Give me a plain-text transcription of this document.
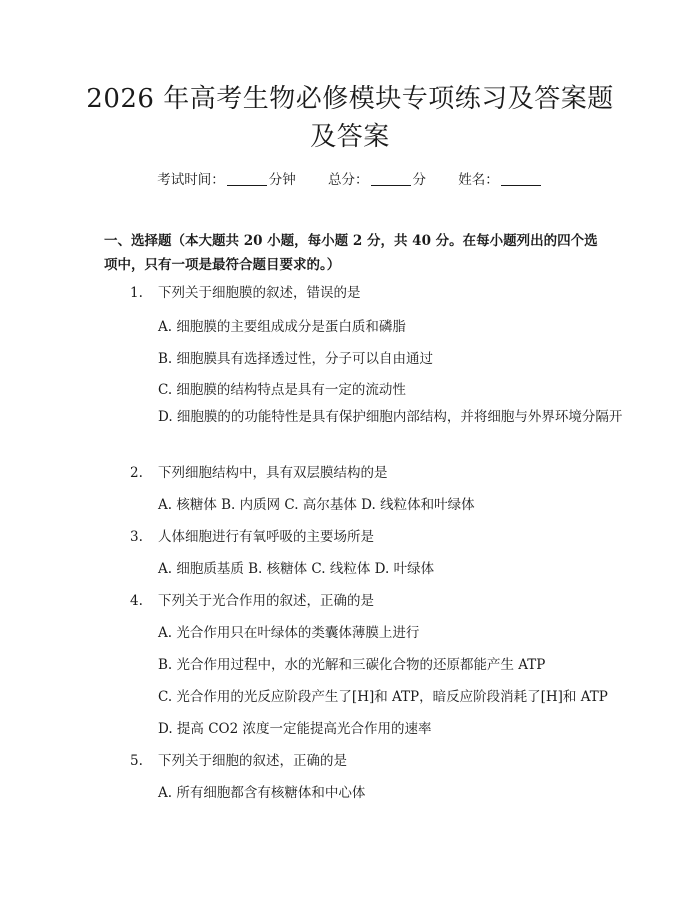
2026 年高考生物必修模块专项练习及答案题
及答案
考试时间：	分钟 总分：	分 姓名：
一、选择题（本大题共 20 小题，每小题 2 分，共 40 分。在每小题列出的四个选项中，只有一项是最符合题目要求的。）
1. 下列关于细胞膜的叙述，错误的是
A. 细胞膜的主要组成成分是蛋白质和磷脂
B. 细胞膜具有选择透过性，分子可以自由通过
C. 细胞膜的结构特点是具有一定的流动性
D. 细胞膜的的功能特性是具有保护细胞内部结构，并将细胞与外界环境分隔开
2. 下列细胞结构中，具有双层膜结构的是
A. 核糖体 B. 内质网 C. 高尔基体 D. 线粒体和叶绿体
3. 人体细胞进行有氧呼吸的主要场所是
A. 细胞质基质 B. 核糖体 C. 线粒体 D. 叶绿体
4. 下列关于光合作用的叙述，正确的是
A. 光合作用只在叶绿体的类囊体薄膜上进行
B. 光合作用过程中，水的光解和三碳化合物的还原都能产生 ATP
C. 光合作用的光反应阶段产生了[H]和 ATP，暗反应阶段消耗了[H]和 ATP
D. 提高 CO2 浓度一定能提高光合作用的速率
5. 下列关于细胞的叙述，正确的是
A. 所有细胞都含有核糖体和中心体
